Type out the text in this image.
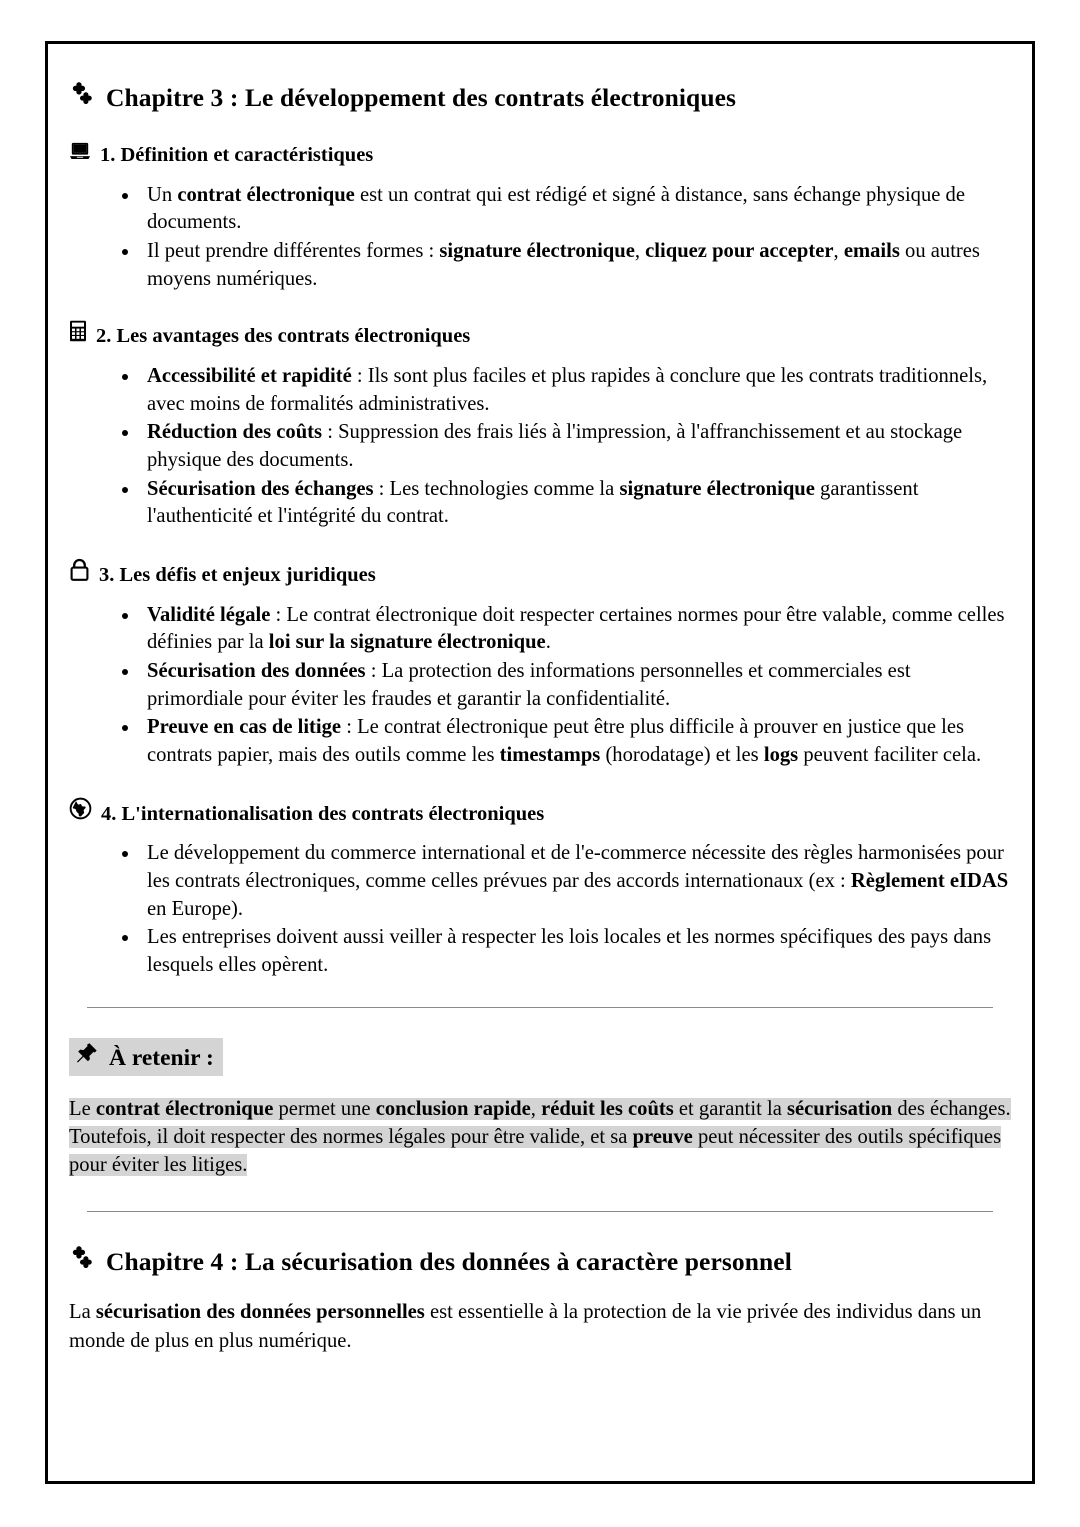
Chapitre 3 : Le développement des contrats électroniques
1. Définition et caractéristiques
Un contrat électronique est un contrat qui est rédigé et signé à distance, sans échange physique de documents.
Il peut prendre différentes formes : signature électronique, cliquez pour accepter, emails ou autres moyens numériques.
2. Les avantages des contrats électroniques
Accessibilité et rapidité : Ils sont plus faciles et plus rapides à conclure que les contrats traditionnels, avec moins de formalités administratives.
Réduction des coûts : Suppression des frais liés à l'impression, à l'affranchissement et au stockage physique des documents.
Sécurisation des échanges : Les technologies comme la signature électronique garantissent l'authenticité et l'intégrité du contrat.
3. Les défis et enjeux juridiques
Validité légale : Le contrat électronique doit respecter certaines normes pour être valable, comme celles définies par la loi sur la signature électronique.
Sécurisation des données : La protection des informations personnelles et commerciales est primordiale pour éviter les fraudes et garantir la confidentialité.
Preuve en cas de litige : Le contrat électronique peut être plus difficile à prouver en justice que les contrats papier, mais des outils comme les timestamps (horodatage) et les logs peuvent faciliter cela.
4. L'internationalisation des contrats électroniques
Le développement du commerce international et de l'e-commerce nécessite des règles harmonisées pour les contrats électroniques, comme celles prévues par des accords internationaux (ex : Règlement eIDAS en Europe).
Les entreprises doivent aussi veiller à respecter les lois locales et les normes spécifiques des pays dans lesquels elles opèrent.
À retenir :

Le contrat électronique permet une conclusion rapide, réduit les coûts et garantit la sécurisation des échanges. Toutefois, il doit respecter des normes légales pour être valide, et sa preuve peut nécessiter des outils spécifiques pour éviter les litiges.

Chapitre 4 : La sécurisation des données à caractère personnel

La sécurisation des données personnelles est essentielle à la protection de la vie privée des individus dans un monde de plus en plus numérique.
